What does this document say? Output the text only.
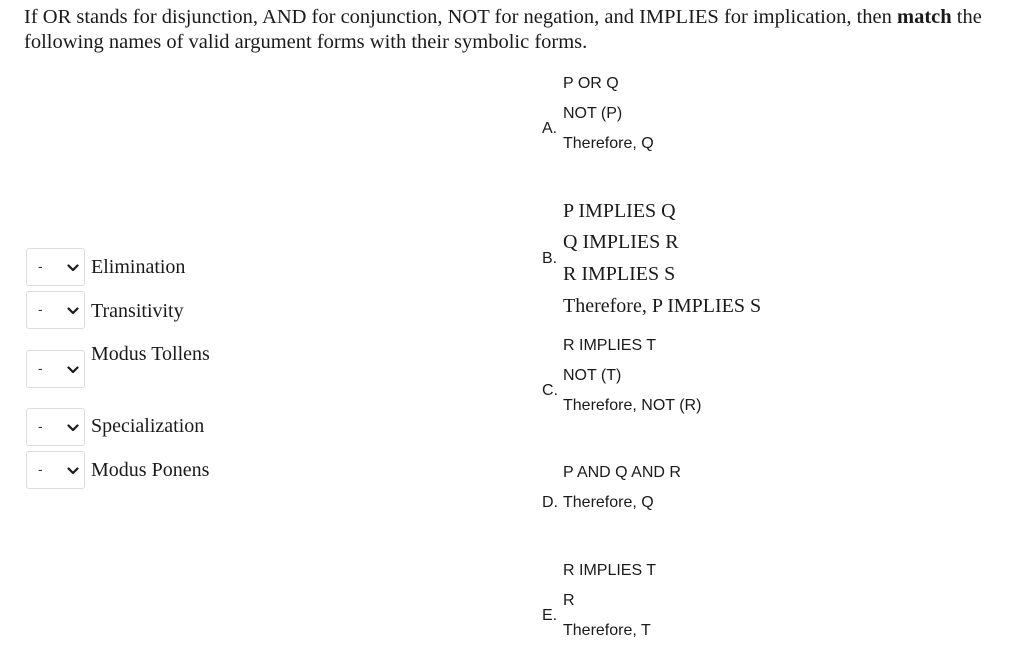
If OR stands for disjunction, AND for conjunction, NOT for negation, and IMPLIES for implication, then match the following names of valid argument forms with their symbolic forms.
- Elimination
- Transitivity
-
Modus Tollens
- Specialization
- Modus Ponens
A.
P OR Q
NOT (P)
Therefore, Q
B.
P IMPLIES Q
Q IMPLIES R
R IMPLIES S
Therefore, P IMPLIES S
C.
R IMPLIES T
NOT (T)
Therefore, NOT (R)
D.
P AND Q AND R
Therefore, Q
E.
R IMPLIES T
R
Therefore, T
